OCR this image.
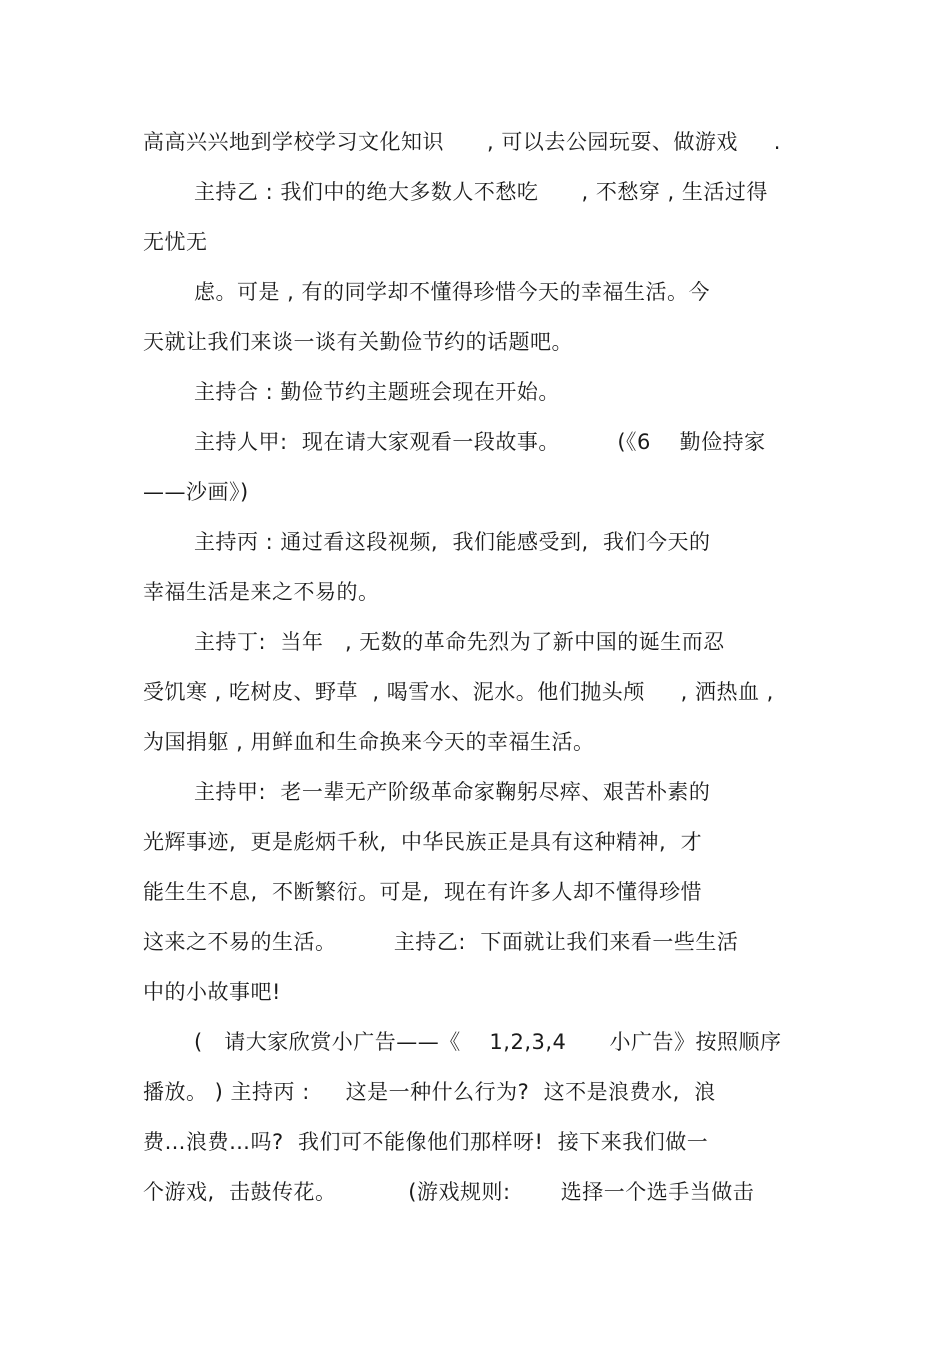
高高兴兴地到学校学习文化知识      , 可以去公园玩耍、做游戏     .
主持乙 : 我们中的绝大多数人不愁吃      , 不愁穿 , 生活过得
无忧无
虑。可是 , 有的同学却不懂得珍惜今天的幸福生活。今
天就让我们来谈一谈有关勤俭节约的话题吧。
主持合 : 勤俭节约主题班会现在开始。
主持人甲:  现在请大家观看一段故事。        (《6    勤俭持家
——沙画》)
主持丙 : 通过看这段视频,  我们能感受到,  我们今天的
幸福生活是来之不易的。
主持丁:  当年   , 无数的革命先烈为了新中国的诞生而忍
受饥寒 , 吃树皮、野草  , 喝雪水、泥水。他们抛头颅     , 洒热血 ,
为国捐躯 , 用鲜血和生命换来今天的幸福生活。
主持甲:  老一辈无产阶级革命家鞠躬尽瘁、艰苦朴素的
光辉事迹,  更是彪炳千秋,  中华民族正是具有这种精神,  才
能生生不息,  不断繁衍。可是,  现在有许多人却不懂得珍惜
这来之不易的生活。        主持乙:  下面就让我们来看一些生活
中的小故事吧!
(   请大家欣赏小广告——《    1,2,3,4      小广告》按照顺序
播放。 ) 主持丙 :     这是一种什么行为?  这不是浪费水,  浪
费…浪费…吗?  我们可不能像他们那样呀!  接下来我们做一
个游戏,  击鼓传花。          (游戏规则:       选择一个选手当做击
